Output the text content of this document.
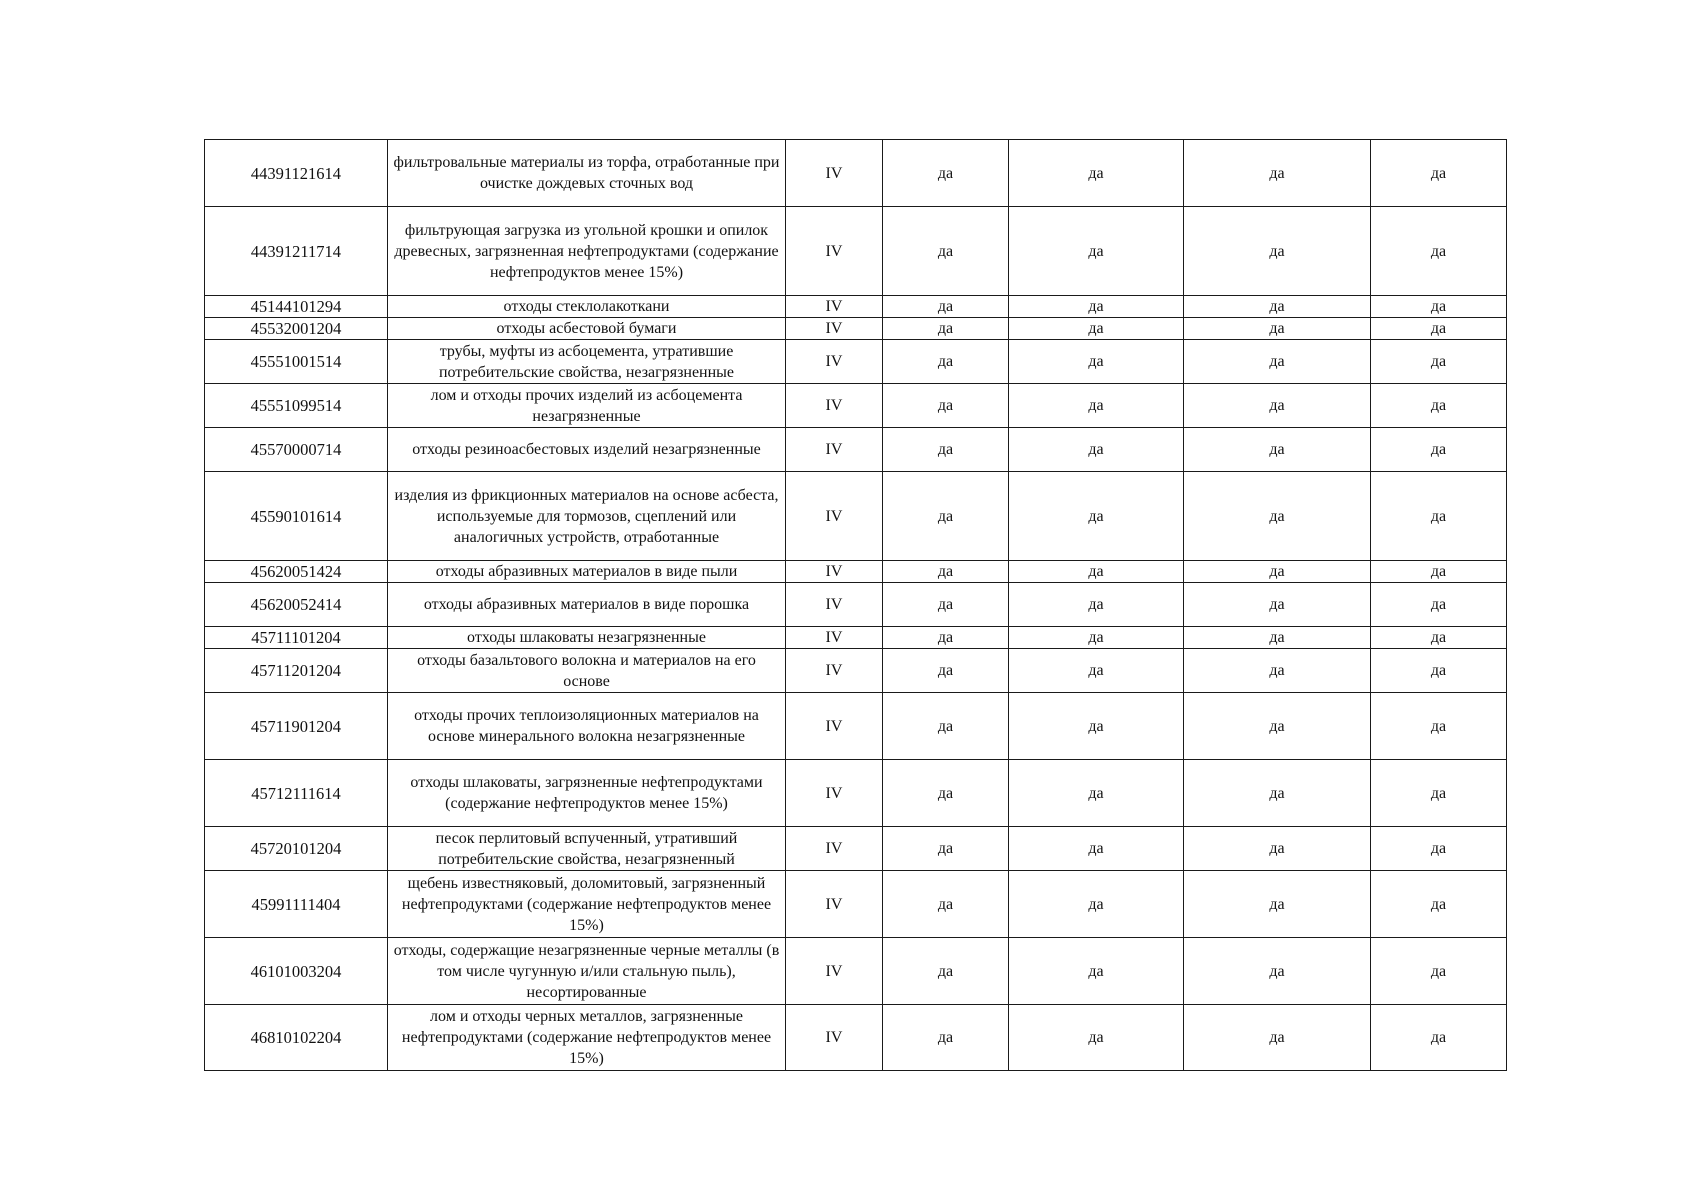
44391121614	фильтровальные материалы из торфа, отработанные при очистке дождевых сточных вод	IV	да	да	да	да
44391211714	фильтрующая загрузка из угольной крошки и опилок древесных, загрязненная нефтепродуктами (содержание нефтепродуктов менее 15%)	IV	да	да	да	да
45144101294	отходы стеклолакоткани	IV	да	да	да	да
45532001204	отходы асбестовой бумаги	IV	да	да	да	да
45551001514	трубы, муфты из асбоцемента, утратившие потребительские свойства, незагрязненные	IV	да	да	да	да
45551099514	лом и отходы прочих изделий из асбоцемента незагрязненные	IV	да	да	да	да
45570000714	отходы резиноасбестовых изделий незагрязненные	IV	да	да	да	да
45590101614	изделия из фрикционных материалов на основе асбеста, используемые для тормозов, сцеплений или аналогичных устройств, отработанные	IV	да	да	да	да
45620051424	отходы абразивных материалов в виде пыли	IV	да	да	да	да
45620052414	отходы абразивных материалов в виде порошка	IV	да	да	да	да
45711101204	отходы шлаковаты незагрязненные	IV	да	да	да	да
45711201204	отходы базальтового волокна и материалов на его основе	IV	да	да	да	да
45711901204	отходы прочих теплоизоляционных материалов на основе минерального волокна незагрязненные	IV	да	да	да	да
45712111614	отходы шлаковаты, загрязненные нефтепродуктами (содержание нефтепродуктов менее 15%)	IV	да	да	да	да
45720101204	песок перлитовый вспученный, утративший потребительские свойства, незагрязненный	IV	да	да	да	да
45991111404	щебень известняковый, доломитовый, загрязненный нефтепродуктами (содержание нефтепродуктов менее 15%)	IV	да	да	да	да
46101003204	отходы, содержащие незагрязненные черные металлы (в том числе чугунную и/или стальную пыль), несортированные	IV	да	да	да	да
46810102204	лом и отходы черных металлов, загрязненные нефтепродуктами (содержание нефтепродуктов менее 15%)	IV	да	да	да	да
